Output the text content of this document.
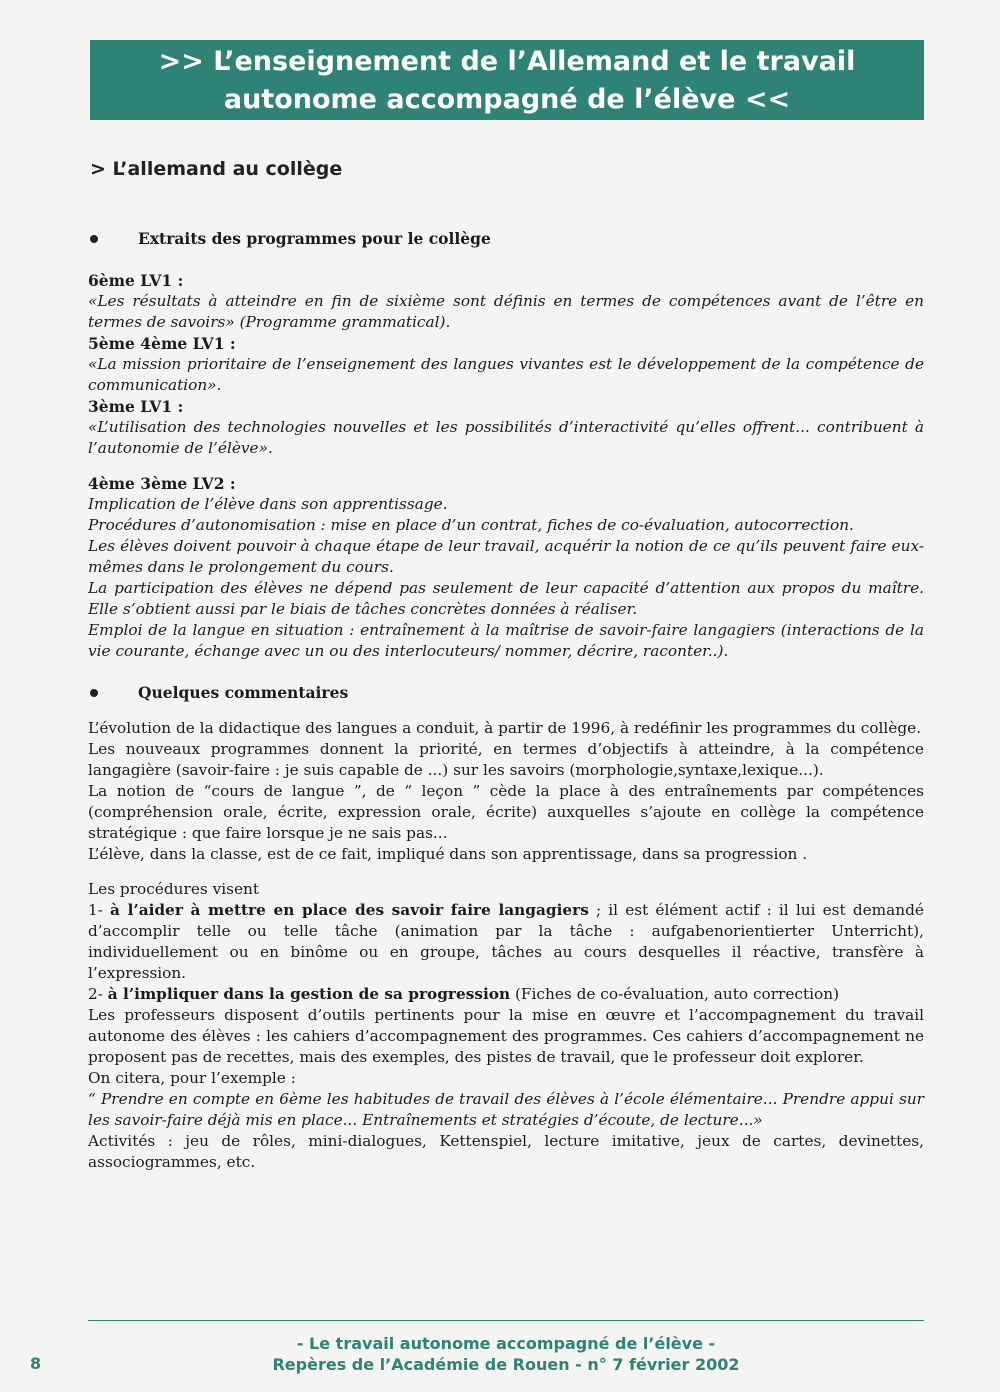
>> L’enseignement de l’Allemand et le travail
autonome accompagné de l’élève <<
> L’allemand au collège
Extraits des programmes pour le collège

6ème LV1 :

«Les résultats à atteindre en fin de sixième sont définis en termes de compétences avant de l’être en termes de savoirs» (Programme grammatical).

5ème 4ème LV1 :

«La mission prioritaire de l’enseignement des langues vivantes est le développement de la compétence de communication».

3ème LV1 :

«L’utilisation des technologies nouvelles et les possibilités d’interactivité qu’elles offrent... contribuent à l’autonomie de l’élève».

4ème 3ème LV2 :

Implication de l’élève dans son apprentissage.

Procédures d’autonomisation : mise en place d’un contrat, fiches de co-évaluation, autocorrection.

Les élèves doivent pouvoir à chaque étape de leur travail, acquérir la notion de ce qu’ils peuvent faire eux-mêmes dans le prolongement du cours.

La participation des élèves ne dépend pas seulement de leur capacité d’attention aux propos du maître. Elle s’obtient aussi par le biais de tâches concrètes données à réaliser.

Emploi de la langue en situation : entraînement à la maîtrise de savoir-faire langagiers (interactions de la vie courante, échange avec un ou des interlocuteurs/ nommer, décrire, raconter..).

Quelques commentaires

L’évolution de la didactique des langues a conduit, à partir de 1996, à redéfinir les programmes du collège.

Les nouveaux programmes donnent la priorité, en termes d’objectifs à atteindre, à la compétence langagière (savoir-faire : je suis capable de ...) sur les savoirs (morphologie,syntaxe,lexique...).

La notion de “cours de langue ”, de “ leçon ” cède la place à des entraînements par compétences (compréhension orale, écrite, expression orale, écrite) auxquelles s’ajoute en collège la compétence stratégique : que faire lorsque je ne sais pas...

L’élève, dans la classe, est de ce fait, impliqué dans son apprentissage, dans sa progression .

Les procédures visent

1- à l’aider à mettre en place des savoir faire langagiers ; il est élément actif : il lui est demandé d’accomplir telle ou telle tâche (animation par la tâche : aufgabenorientierter Unterricht), individuellement ou en binôme ou en groupe, tâches au cours desquelles il réactive, transfère à l’expression.

2- à l’impliquer dans la gestion de sa progression (Fiches de co-évaluation, auto correction)

Les professeurs disposent d’outils pertinents pour la mise en œuvre et l’accompagnement du travail autonome des élèves : les cahiers d’accompagnement des programmes. Ces cahiers d’accompagnement ne proposent pas de recettes, mais des exemples, des pistes de travail, que le professeur doit explorer.

On citera, pour l’exemple :

“ Prendre en compte en 6ème les habitudes de travail des élèves à l’école élémentaire... Prendre appui sur les savoir-faire déjà mis en place... Entraînements et stratégies d’écoute, de lecture...»

Activités : jeu de rôles, mini-dialogues, Kettenspiel, lecture imitative, jeux de cartes, devinettes, associogrammes, etc.

- Le travail autonome accompagné de l’élève -
Repères de l’Académie de Rouen - n° 7 février 2002
8
